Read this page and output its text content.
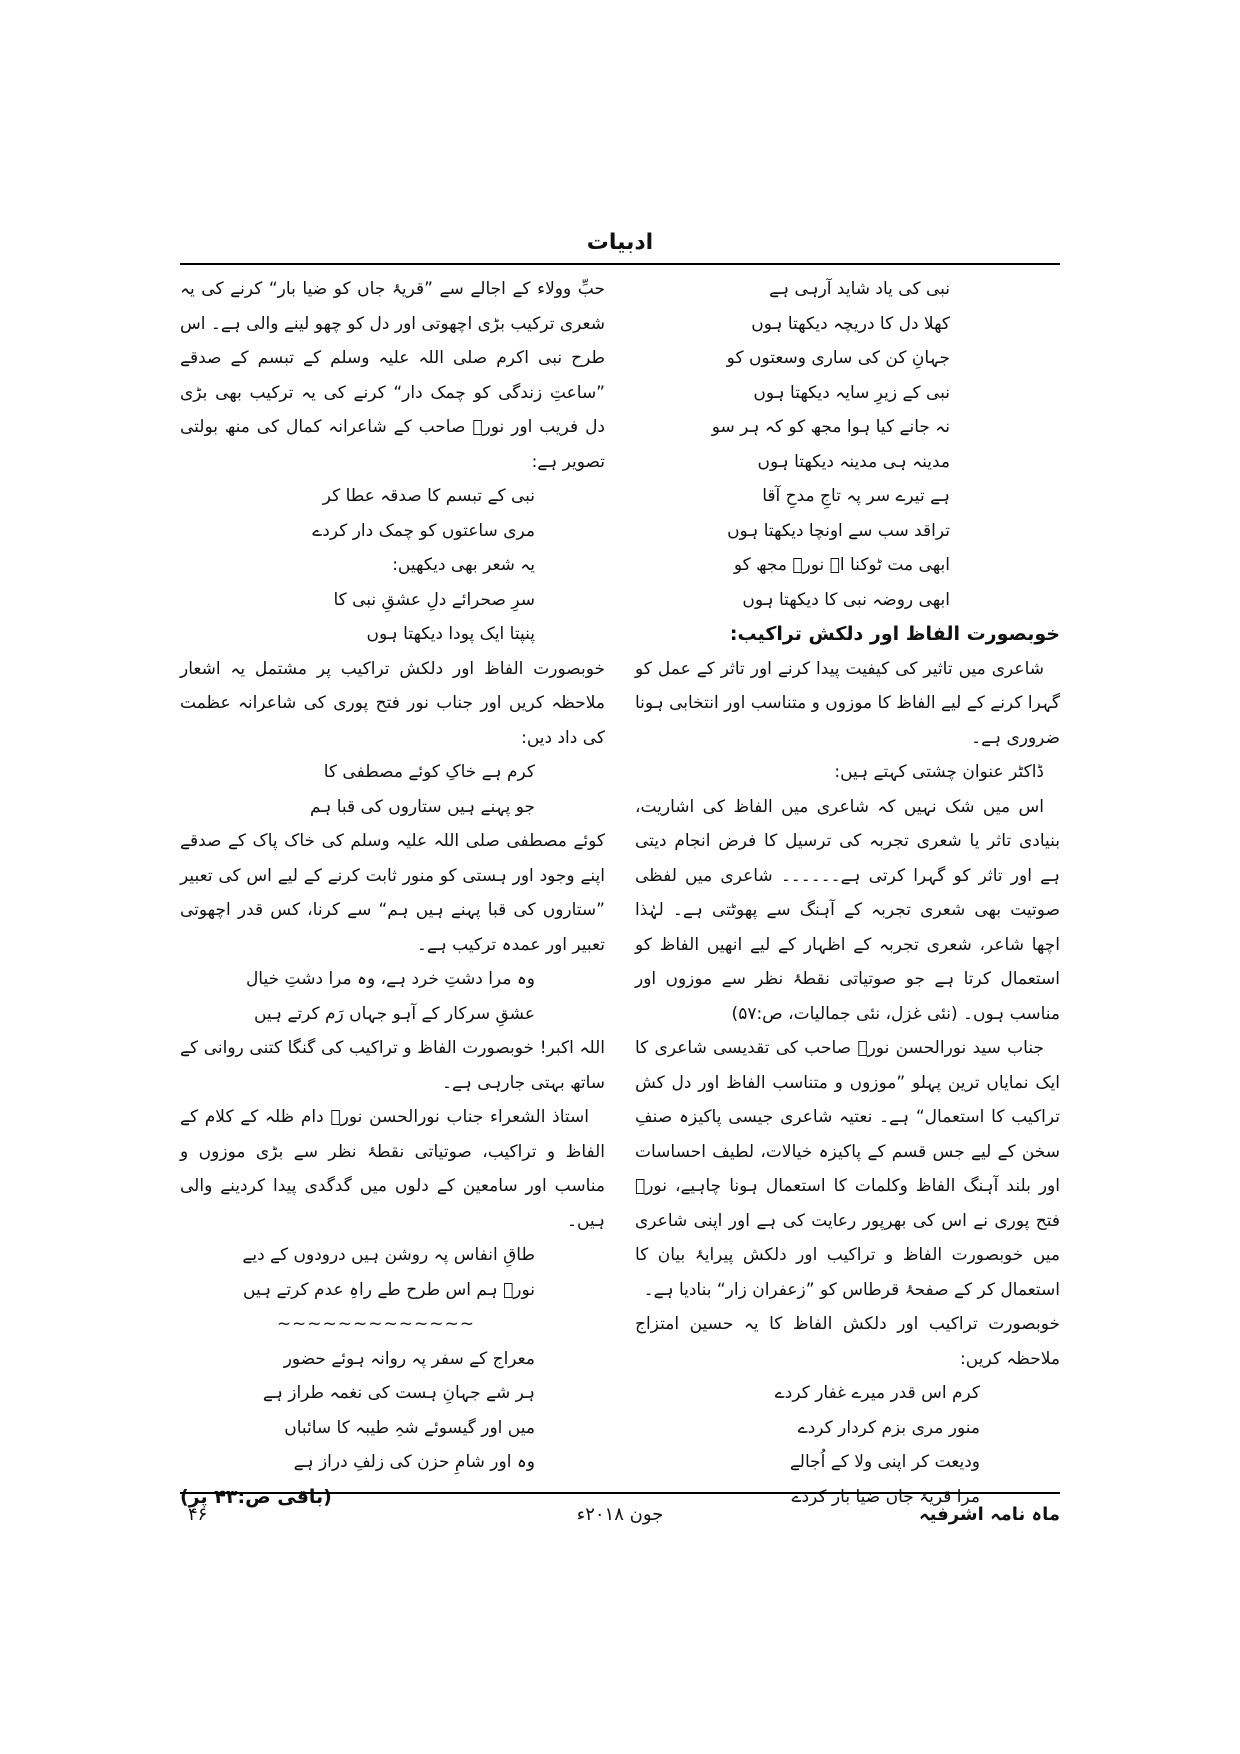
ادبیات
نبی کی یاد شاید آرہی ہے
کھلا دل کا دریچہ دیکھتا ہوں
جہانِ کن کی ساری وسعتوں کو
نبی کے زیرِ سایہ دیکھتا ہوں
نہ جانے کیا ہوا مجھ کو کہ ہر سو
مدینہ ہی مدینہ دیکھتا ہوں
ہے تیرے سر پہ تاجِ مدحِ آقا
تراقد سب سے اونچا دیکھتا ہوں
ابھی مت ٹوکنا اے نورؔ مجھ کو
ابھی روضہ نبی کا دیکھتا ہوں

خوبصورت الفاظ اور دلکش تراکیب:

شاعری میں تاثیر کی کیفیت پیدا کرنے اور تاثر کے عمل کو گہرا کرنے کے لیے الفاظ کا موزوں و متناسب اور انتخابی ہونا ضروری ہے۔

ڈاکٹر عنوان چشتی کہتے ہیں:

اس میں شک نہیں کہ شاعری میں الفاظ کی اشاریت، بنیادی تاثر یا شعری تجربہ کی ترسیل کا فرض انجام دیتی ہے اور تاثر کو گہرا کرتی ہے۔۔۔۔۔۔ شاعری میں لفظی صوتیت بھی شعری تجربہ کے آہنگ سے پھوٹتی ہے۔ لہٰذا اچھا شاعر، شعری تجربہ کے اظہار کے لیے انھیں الفاظ کو استعمال کرتا ہے جو صوتیاتی نقطۂ نظر سے موزوں اور مناسب ہوں۔ (نئی غزل، نئی جمالیات، ص:۵۷)

جناب سید نورالحسن نورؔ صاحب کی تقدیسی شاعری کا ایک نمایاں ترین پہلو ”موزوں و متناسب الفاظ اور دل کش تراکیب کا استعمال“ ہے۔ نعتیہ شاعری جیسی پاکیزہ صنفِ سخن کے لیے جس قسم کے پاکیزہ خیالات، لطیف احساسات اور بلند آہنگ الفاظ وکلمات کا استعمال ہونا چاہیے، نورؔ فتح پوری نے اس کی بھرپور رعایت کی ہے اور اپنی شاعری میں خوبصورت الفاظ و تراکیب اور دلکش پیرایۂ بیان کا استعمال کر کے صفحۂ قرطاس کو ”زعفران زار“ بنادیا ہے۔

خوبصورت تراکیب اور دلکش الفاظ کا یہ حسین امتزاج ملاحظہ کریں:

کرم اس قدر میرے غفار کردے
منور مری بزم کردار کردے
ودیعت کر اپنی ولا کے اُجالے
مرا قریۂ جاں ضیا بار کردے

حبِّ وولاء کے اجالے سے ”قریۂ جاں کو ضیا بار“ کرنے کی یہ شعری ترکیب بڑی اچھوتی اور دل کو چھو لینے والی ہے۔ اس طرح نبی اکرم صلی اللہ علیہ وسلم کے تبسم کے صدقے ”ساعتِ زندگی کو چمک دار“ کرنے کی یہ ترکیب بھی بڑی دل فریب اور نورؔ صاحب کے شاعرانہ کمال کی منھ بولتی تصویر ہے:

نبی کے تبسم کا صدقہ عطا کر
مری ساعتوں کو چمک دار کردے
یہ شعر بھی دیکھیں:
سرِ صحرائے دلِ عشقِ نبی کا
پنپتا ایک پودا دیکھتا ہوں

خوبصورت الفاظ اور دلکش تراکیب پر مشتمل یہ اشعار ملاحظہ کریں اور جناب نور فتح پوری کی شاعرانہ عظمت کی داد دیں:

کرم ہے خاکِ کوئے مصطفی کا
جو پہنے ہیں ستاروں کی قبا ہم

کوئے مصطفی صلی اللہ علیہ وسلم کی خاک پاک کے صدقے اپنے وجود اور ہستی کو منور ثابت کرنے کے لیے اس کی تعبیر ”ستاروں کی قبا پہنے ہیں ہم“ سے کرنا، کس قدر اچھوتی تعبیر اور عمدہ ترکیب ہے۔

وہ مرا دشتِ خرد ہے، وہ مرا دشتِ خیال
عشقِ سرکار کے آہو جہاں رَم کرتے ہیں

اللہ اکبر! خوبصورت الفاظ و تراکیب کی گنگا کتنی روانی کے ساتھ بہتی جارہی ہے۔

استاذ الشعراء جناب نورالحسن نورؔ دام ظلہ کے کلام کے الفاظ و تراکیب، صوتیاتی نقطۂ نظر سے بڑی موزوں و مناسب اور سامعین کے دلوں میں گدگدی پیدا کردینے والی ہیں۔

طاقِ انفاس پہ روشن ہیں درودوں کے دیے
نورؔ ہم اس طرح طے راہِ عدم کرتے ہیں

~~~~~~~~~~~~~

معراج کے سفر پہ روانہ ہوئے حضور
ہر شے جہانِ ہست کی نغمہ طراز ہے
میں اور گیسوئے شہِ طیبہ کا سائباں
وہ اور شامِ حزن کی زلفِ دراز ہے

(باقی ص:۴۳ پر)

ماہ نامہ اشرفیہ
جون ۲۰۱۸ء
۴۶
